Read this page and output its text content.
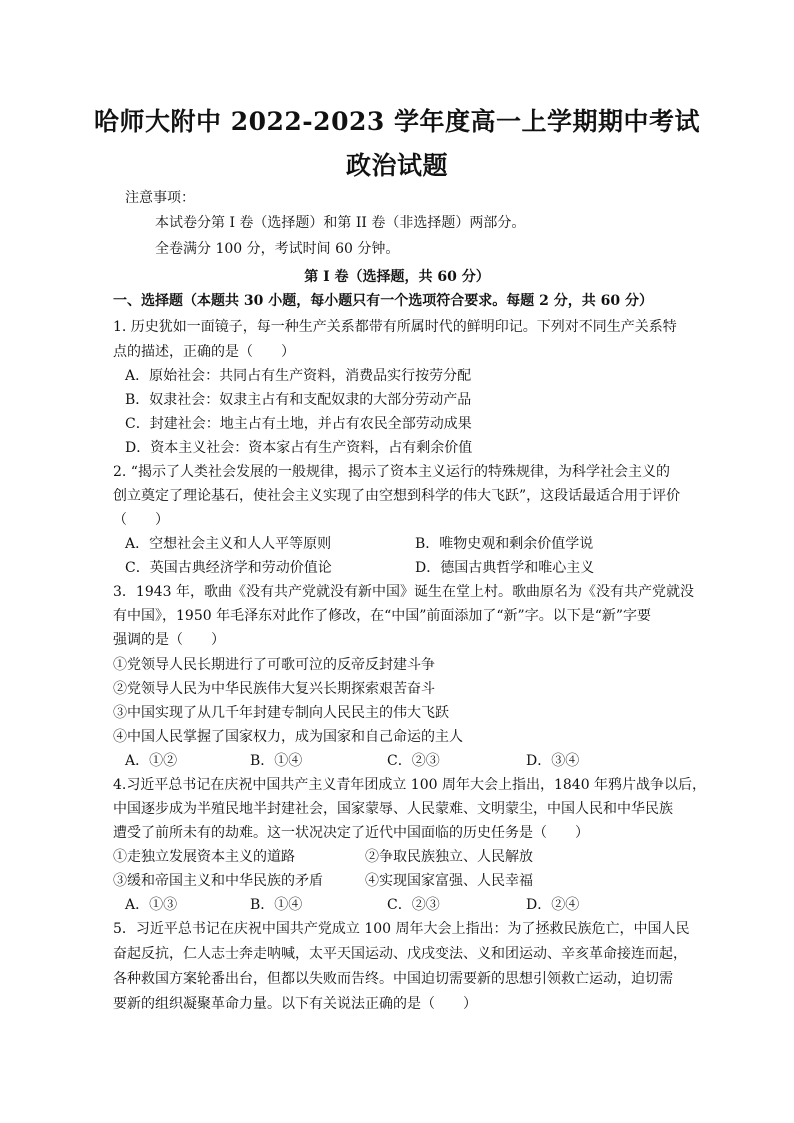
哈师大附中 2022-2023 学年度高一上学期期中考试
政治试题
注意事项：
本试卷分第 I 卷（选择题）和第 II 卷（非选择题）两部分。
全卷满分 100 分，考试时间 60 分钟。
第 I 卷（选择题，共 60 分）
一、选择题（本题共 30 小题，每小题只有一个选项符合要求。每题 2 分，共 60 分）
1. 历史犹如一面镜子，每一种生产关系都带有所属时代的鲜明印记。下列对不同生产关系特
点的描述，正确的是（　　）
A．原始社会：共同占有生产资料，消费品实行按劳分配
B．奴隶社会：奴隶主占有和支配奴隶的大部分劳动产品
C．封建社会：地主占有土地，并占有农民全部劳动成果
D．资本主义社会：资本家占有生产资料，占有剩余价值
2. “揭示了人类社会发展的一般规律，揭示了资本主义运行的特殊规律，为科学社会主义的
创立奠定了理论基石，使社会主义实现了由空想到科学的伟大飞跃”，这段话最适合用于评价
（　　）
A．空想社会主义和人人平等原则	B．唯物史观和剩余价值学说
C．英国古典经济学和劳动价值论	D．德国古典哲学和唯心主义
3．1943 年，歌曲《没有共产党就没有新中国》诞生在堂上村。歌曲原名为《没有共产党就没
有中国》，1950 年毛泽东对此作了修改，在“中国”前面添加了“新”字。以下是“新”字要
强调的是（　　）
①党领导人民长期进行了可歌可泣的反帝反封建斗争
②党领导人民为中华民族伟大复兴长期探索艰苦奋斗
③中国实现了从几千年封建专制向人民民主的伟大飞跃
④中国人民掌握了国家权力，成为国家和自己命运的主人
A．①②	B．①④	C．②③	D．③④
4.习近平总书记在庆祝中国共产主义青年团成立 100 周年大会上指出，1840 年鸦片战争以后，
中国逐步成为半殖民地半封建社会，国家蒙辱、人民蒙难、文明蒙尘，中国人民和中华民族
遭受了前所未有的劫难。这一状况决定了近代中国面临的历史任务是（　　）
①走独立发展资本主义的道路	②争取民族独立、人民解放
③缓和帝国主义和中华民族的矛盾	④实现国家富强、人民幸福
A．①③	B．①④	C．②③	D．②④
5．习近平总书记在庆祝中国共产党成立 100 周年大会上指出：为了拯救民族危亡，中国人民
奋起反抗，仁人志士奔走呐喊，太平天国运动、戊戌变法、义和团运动、辛亥革命接连而起，
各种救国方案轮番出台，但都以失败而告终。中国迫切需要新的思想引领救亡运动，迫切需
要新的组织凝聚革命力量。以下有关说法正确的是（　　）
